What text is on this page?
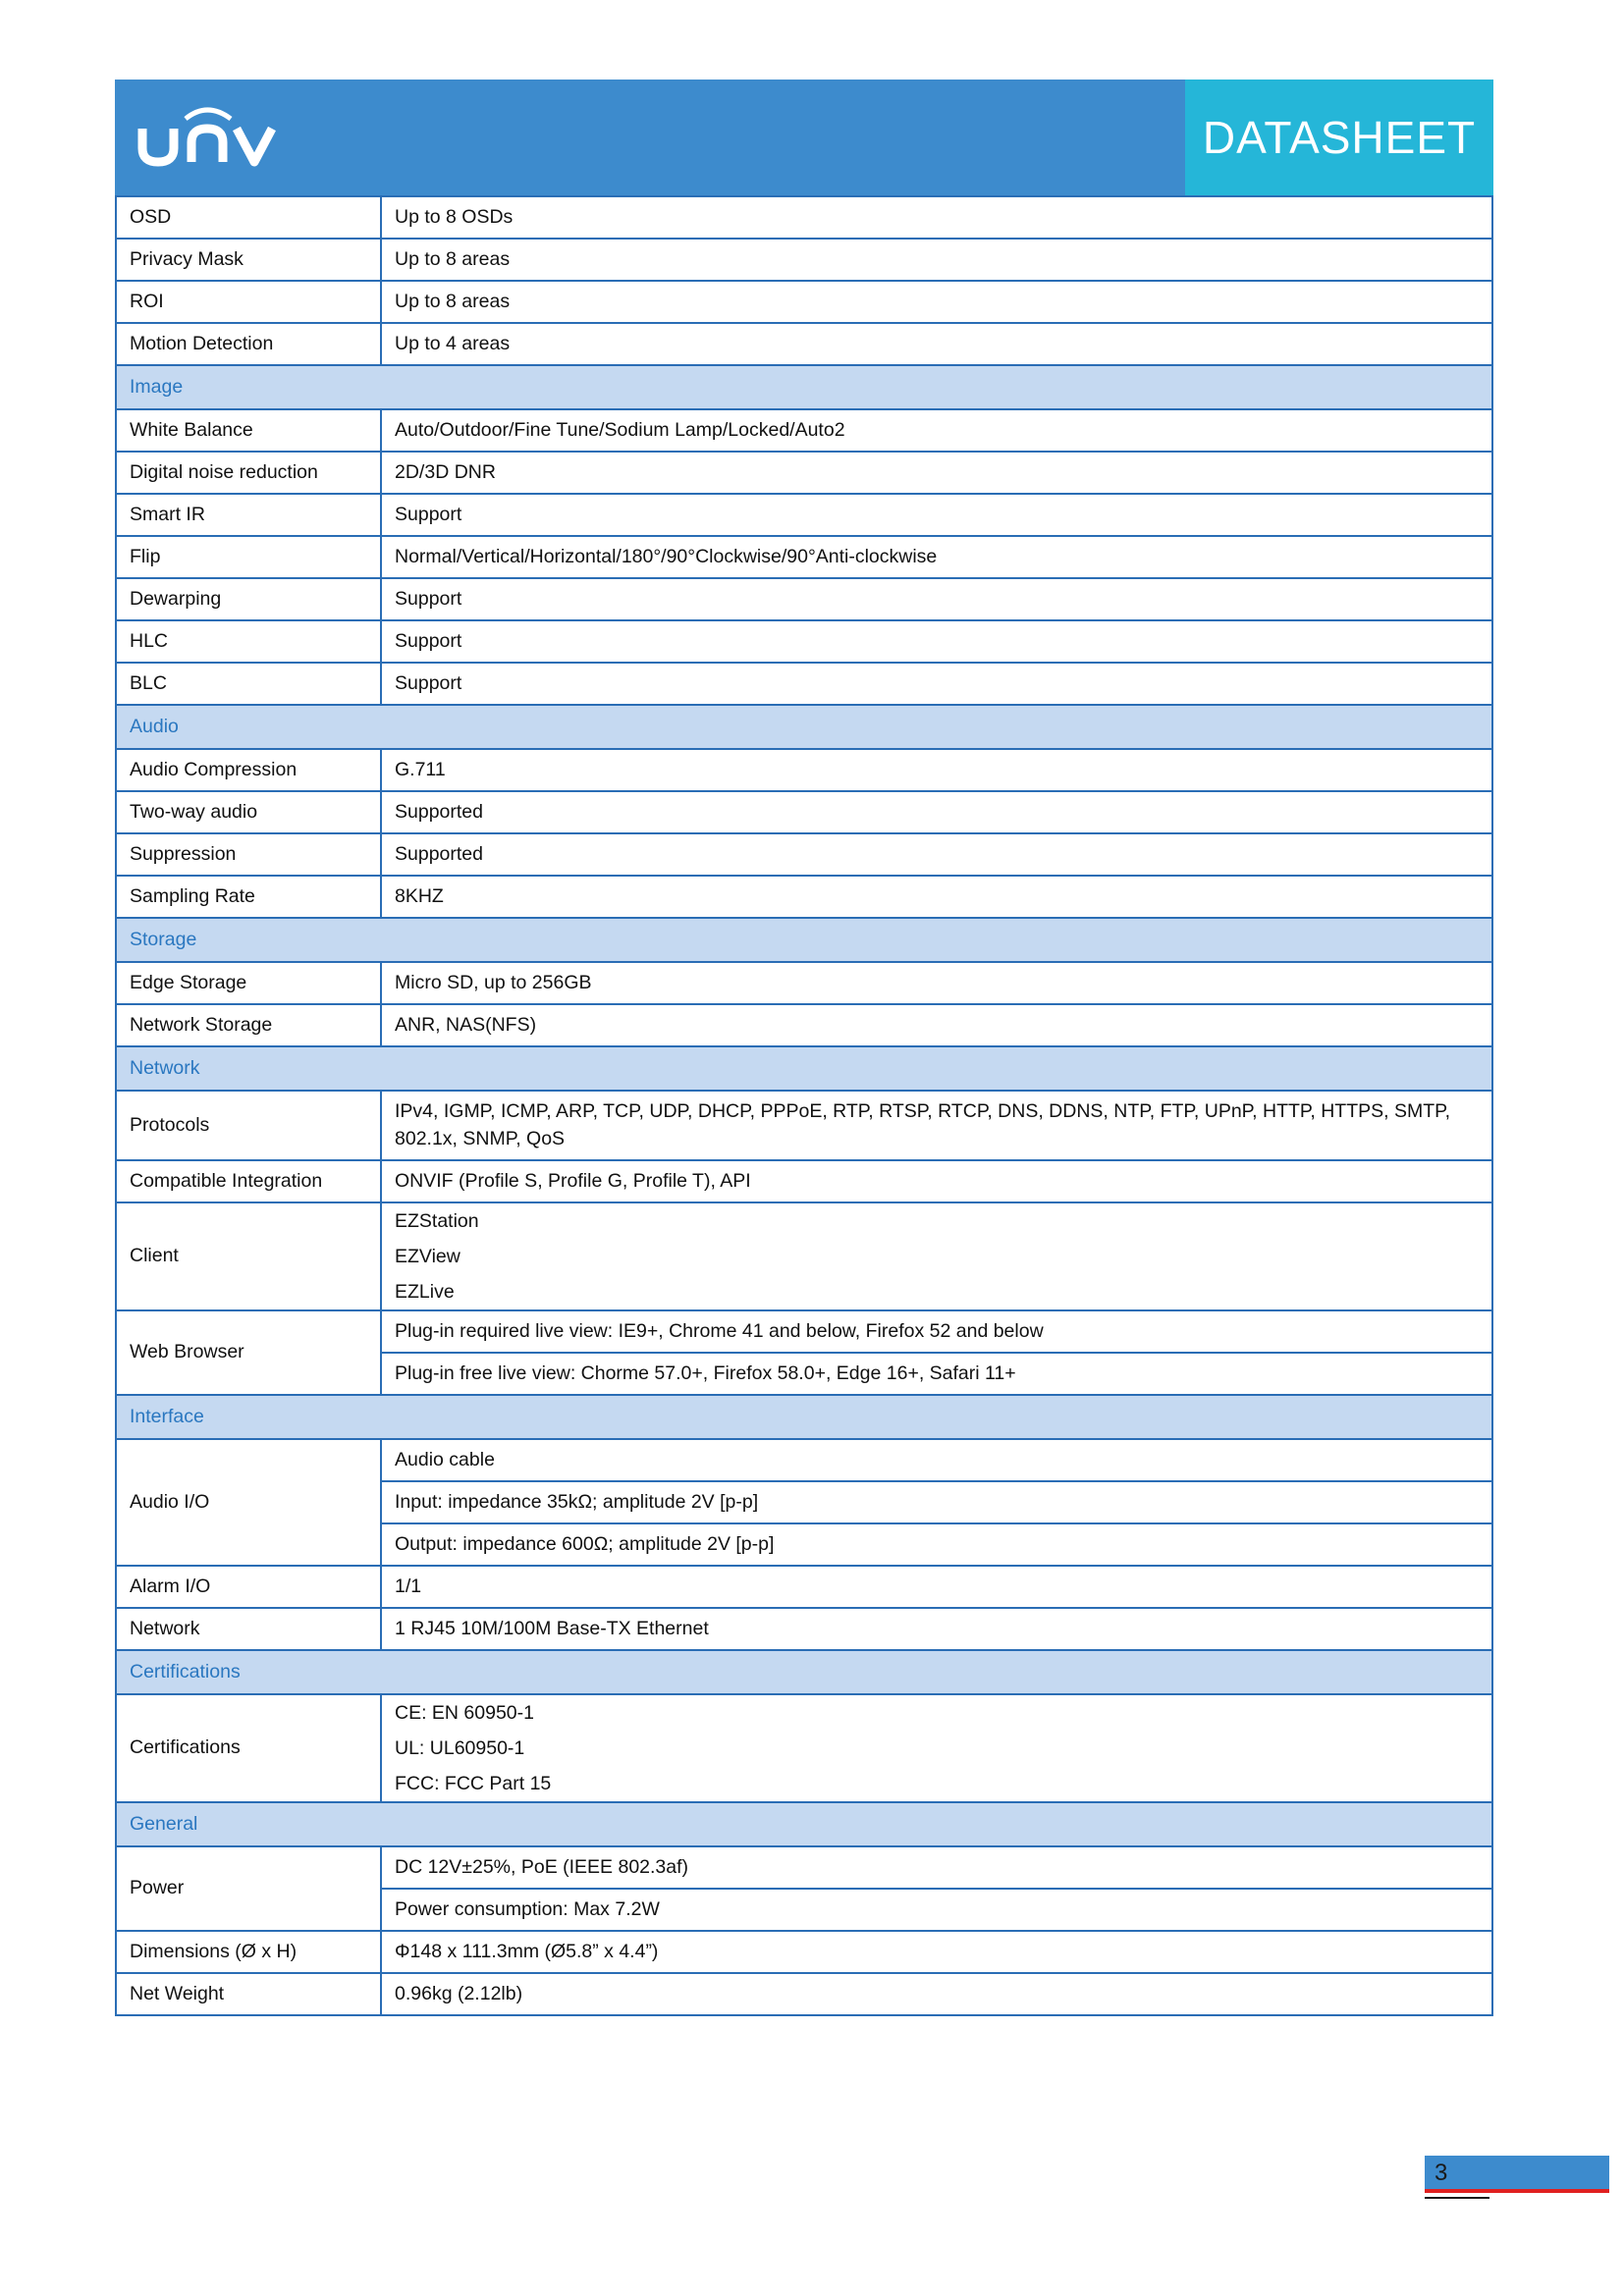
DATASHEET
OSD	Up to 8 OSDs
Privacy Mask	Up to 8 areas
ROI	Up to 8 areas
Motion Detection	Up to 4 areas
Image	
White Balance	Auto/Outdoor/Fine Tune/Sodium Lamp/Locked/Auto2
Digital noise reduction	2D/3D DNR
Smart IR	Support
Flip	Normal/Vertical/Horizontal/180°/90°Clockwise/90°Anti-clockwise
Dewarping	Support
HLC	Support
BLC	Support
Audio	
Audio Compression	G.711
Two-way audio	Supported
Suppression	Supported
Sampling Rate	8KHZ
Storage	
Edge Storage	Micro SD, up to 256GB
Network Storage	ANR, NAS(NFS)
Network	
Protocols	IPv4, IGMP, ICMP, ARP, TCP, UDP, DHCP, PPPoE, RTP, RTSP, RTCP, DNS, DDNS, NTP, FTP, UPnP, HTTP, HTTPS, SMTP, 802.1x, SNMP, QoS
Compatible Integration	ONVIF (Profile S, Profile G, Profile T), API
Client	EZStation
EZView
EZLive

Web Browser	Plug-in required live view: IE9+, Chrome 41 and below, Firefox 52 and below
	Plug-in free live view: Chorme 57.0+, Firefox 58.0+, Edge 16+, Safari 11+
Interface	
Audio I/O	Audio cable
	Input: impedance 35kΩ; amplitude 2V [p-p]
	Output: impedance 600Ω; amplitude 2V [p-p]
Alarm I/O	1/1
Network	1 RJ45 10M/100M Base-TX Ethernet
Certifications	
Certifications	CE: EN 60950-1
UL: UL60950-1
FCC: FCC Part 15

General	
Power	DC 12V±25%, PoE (IEEE 802.3af)
	Power consumption: Max 7.2W
Dimensions (Ø x H)	Φ148 x 111.3mm (Ø5.8” x 4.4”)
Net Weight	0.96kg (2.12lb)
3
